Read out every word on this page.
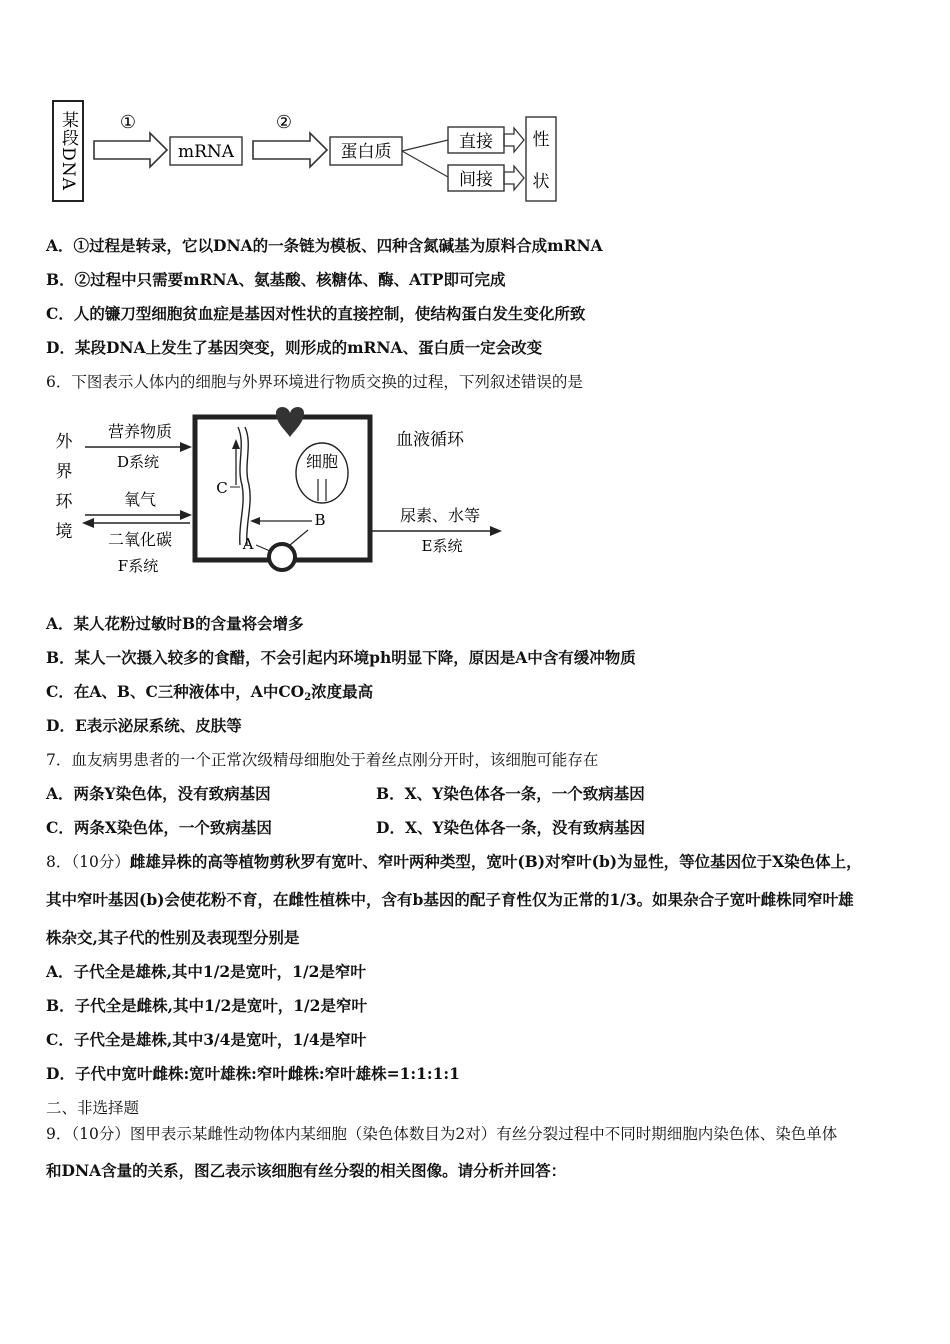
某段DNA ①
mRNA
②
蛋白质	直接
间接
性
状
A．①过程是转录，它以DNA的一条链为模板、四种含氮碱基为原料合成mRNA
B．②过程中只需要mRNA、氨基酸、核糖体、酶、ATP即可完成
C．人的镰刀型细胞贫血症是基因对性状的直接控制，使结构蛋白发生变化所致
D．某段DNA上发生了基因突变，则形成的mRNA、蛋白质一定会改变
6．下图表示人体内的细胞与外界环境进行物质交换的过程，下列叙述错误的是
外
界
环
境
营养物质
D系统
氧气
二氧化碳
F系统
血液循环
C
细胞
B
A
尿素、水等
E系统
A．某人花粉过敏时B的含量将会增多
B．某人一次摄入较多的食醋，不会引起内环境ph明显下降，原因是A中含有缓冲物质
C．在A、B、C三种液体中，A中$CO_2$浓度最高
D．E表示泌尿系统、皮肤等
7．血友病男患者的一个正常次级精母细胞处于着丝点刚分开时，该细胞可能存在
A．两条Y染色体，没有致病基因	B．X、Y染色体各一条，一个致病基因
C．两条X染色体，一个致病基因	D．X、Y染色体各一条，没有致病基因
8．（10分）雌雄异株的高等植物剪秋罗有宽叶、窄叶两种类型，宽叶(B)对窄叶(b)为显性，等位基因位于X染色体上，
其中窄叶基因(b)会使花粉不育，在雌性植株中，含有b基因的配子育性仅为正常的1/3。如果杂合子宽叶雌株同窄叶雄
株杂交,其子代的性别及表现型分别是
A．子代全是雄株,其中1/2是宽叶，1/2是窄叶
B．子代全是雌株,其中1/2是宽叶，1/2是窄叶
C．子代全是雄株,其中3/4是宽叶，1/4是窄叶
D．子代中宽叶雌株:宽叶雄株:窄叶雌株:窄叶雄株=1:1:1:1
二、非选择题
9．（10分）图甲表示某雌性动物体内某细胞（染色体数目为2对）有丝分裂过程中不同时期细胞内染色体、染色单体
和DNA含量的关系，图乙表示该细胞有丝分裂的相关图像。请分析并回答：
